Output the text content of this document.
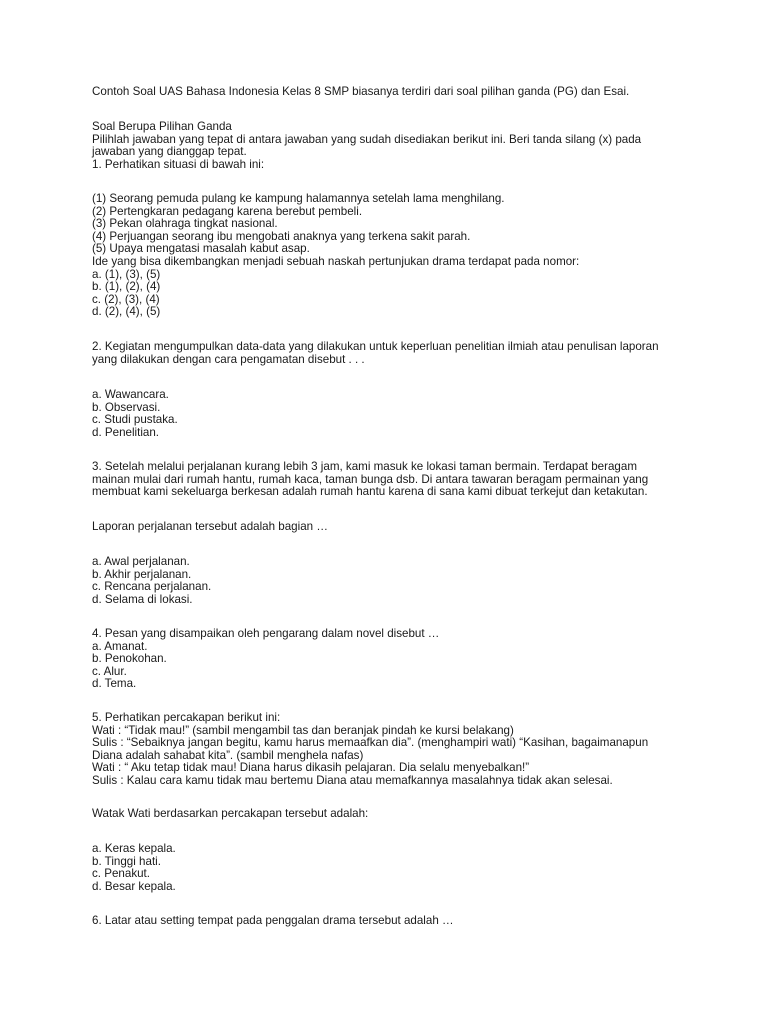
Contoh Soal UAS Bahasa Indonesia Kelas 8 SMP biasanya terdiri dari soal pilihan ganda (PG) dan Esai.

Soal Berupa Pilihan Ganda
Pilihlah jawaban yang tepat di antara jawaban yang sudah disediakan berikut ini. Beri tanda silang (x) pada
jawaban yang dianggap tepat.
1. Perhatikan situasi di bawah ini:

(1) Seorang pemuda pulang ke kampung halamannya setelah lama menghilang.
(2) Pertengkaran pedagang karena berebut pembeli.
(3) Pekan olahraga tingkat nasional.
(4) Perjuangan seorang ibu mengobati anaknya yang terkena sakit parah.
(5) Upaya mengatasi masalah kabut asap.
Ide yang bisa dikembangkan menjadi sebuah naskah pertunjukan drama terdapat pada nomor:
a. (1), (3), (5)
b. (1), (2), (4)
c. (2), (3), (4)
d. (2), (4), (5)

2. Kegiatan mengumpulkan data-data yang dilakukan untuk keperluan penelitian ilmiah atau penulisan laporan
yang dilakukan dengan cara pengamatan disebut . . .

a. Wawancara.
b. Observasi.
c. Studi pustaka.
d. Penelitian.

3. Setelah melalui perjalanan kurang lebih 3 jam, kami masuk ke lokasi taman bermain. Terdapat beragam
mainan mulai dari rumah hantu, rumah kaca, taman bunga dsb. Di antara tawaran beragam permainan yang
membuat kami sekeluarga berkesan adalah rumah hantu karena di sana kami dibuat terkejut dan ketakutan.

Laporan perjalanan tersebut adalah bagian …

a. Awal perjalanan.
b. Akhir perjalanan.
c. Rencana perjalanan.
d. Selama di lokasi.

4. Pesan yang disampaikan oleh pengarang dalam novel disebut …
a. Amanat.
b. Penokohan.
c. Alur.
d. Tema.

5. Perhatikan percakapan berikut ini:
Wati : “Tidak mau!” (sambil mengambil tas dan beranjak pindah ke kursi belakang)
Sulis : “Sebaiknya jangan begitu, kamu harus memaafkan dia”. (menghampiri wati) “Kasihan, bagaimanapun
Diana adalah sahabat kita”. (sambil menghela nafas)
Wati : “ Aku tetap tidak mau! Diana harus dikasih pelajaran. Dia selalu menyebalkan!”
Sulis : Kalau cara kamu tidak mau bertemu Diana atau memafkannya masalahnya tidak akan selesai.

Watak Wati berdasarkan percakapan tersebut adalah:

a. Keras kepala.
b. Tinggi hati.
c. Penakut.
d. Besar kepala.

6. Latar atau setting tempat pada penggalan drama tersebut adalah …
